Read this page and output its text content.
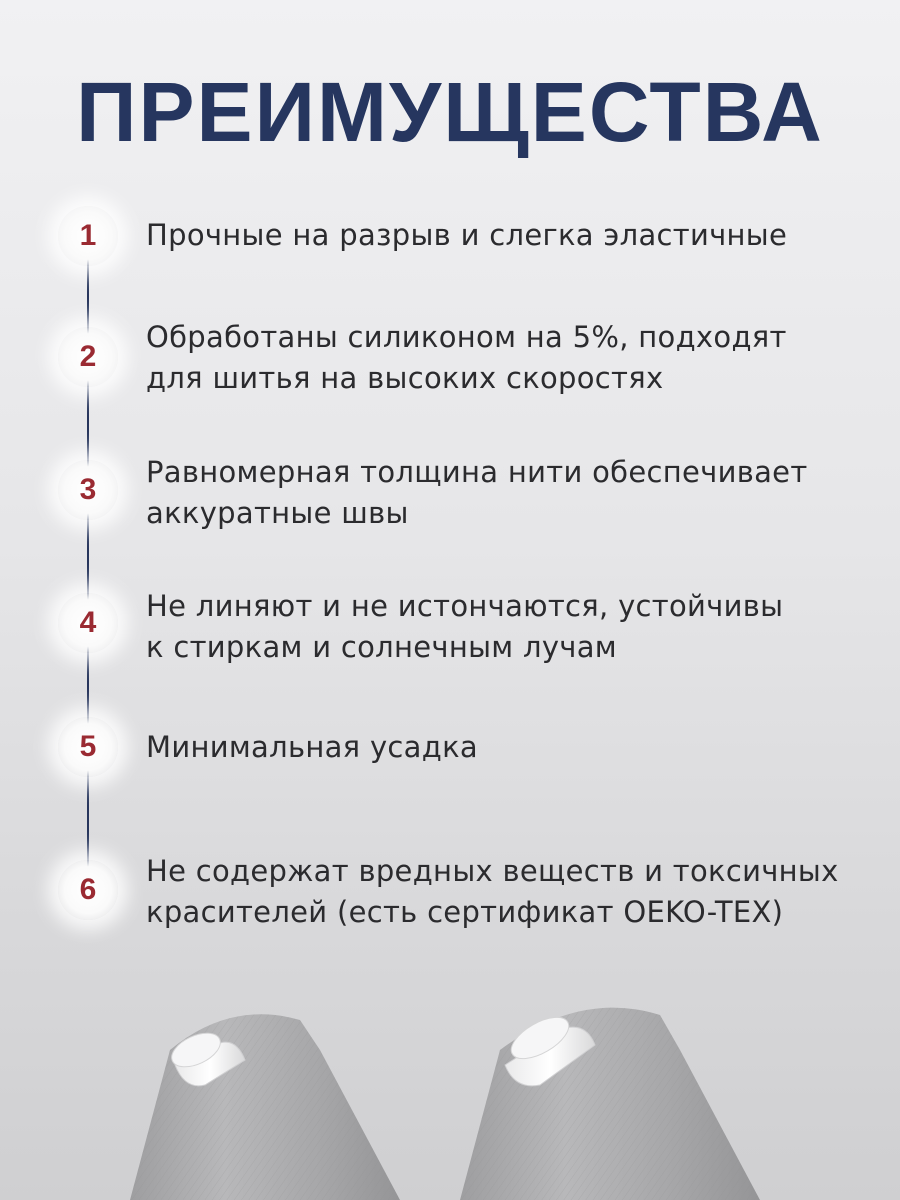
ПРЕИМУЩЕСТВА
1 Прочные на разрыв и слегка эластичные
2
Обработаны силиконом на 5%, подходят
для шитья на высоких скоростях
3
Равномерная толщина нити обеспечивает
аккуратные швы
4 Не линяют и не истончаются, устойчивы
к стиркам и солнечным лучам
5 Минимальная усадка
6
Не содержат вредных веществ и токсичных
красителей (есть сертификат OEKO-TEX)
